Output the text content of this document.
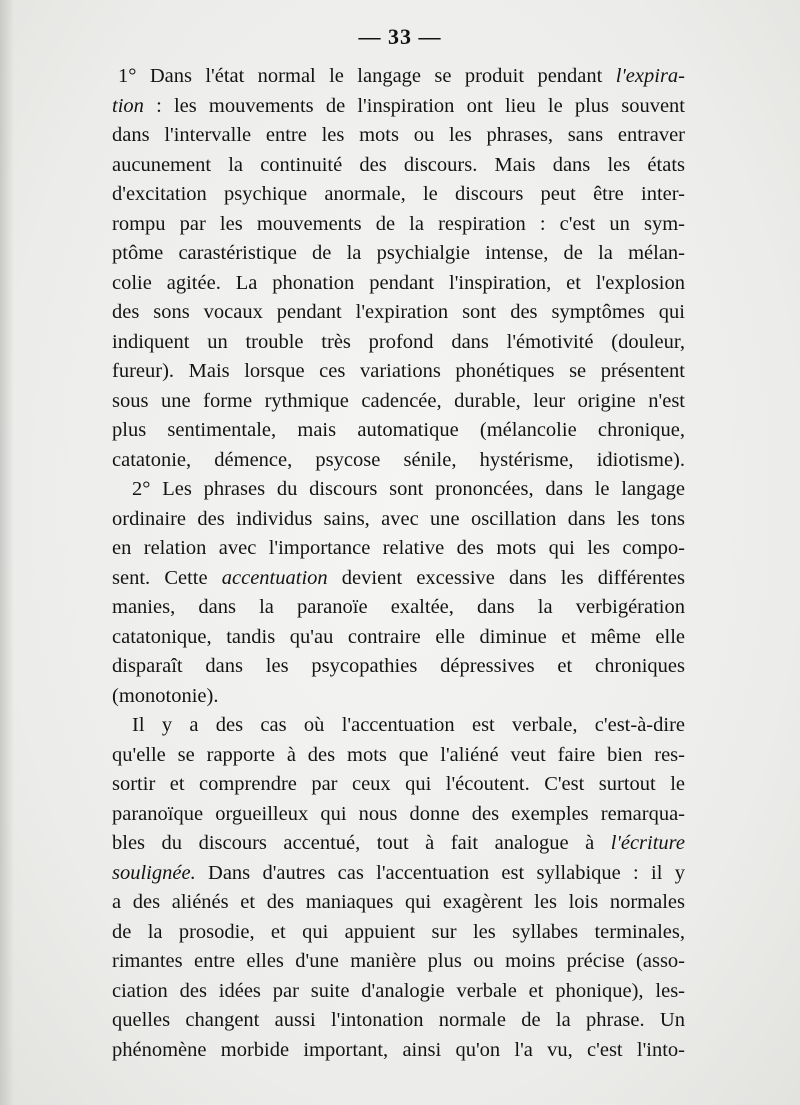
— 33 —

1° Dans l'état normal le langage se produit pendant l'expira-
tion : les mouvements de l'inspiration ont lieu le plus souvent
dans l'intervalle entre les mots ou les phrases, sans entraver
aucunement la continuité des discours. Mais dans les états
d'excitation psychique anormale, le discours peut être inter-
rompu par les mouvements de la respiration : c'est un sym-
ptôme carastéristique de la psychialgie intense, de la mélan-
colie agitée. La phonation pendant l'inspiration, et l'explosion
des sons vocaux pendant l'expiration sont des symptômes qui
indiquent un trouble très profond dans l'émotivité (douleur,
fureur). Mais lorsque ces variations phonétiques se présentent
sous une forme rythmique cadencée, durable, leur origine n'est
plus sentimentale, mais automatique (mélancolie chronique,
catatonie, démence, psycose sénile, hystérisme, idiotisme).
2° Les phrases du discours sont prononcées, dans le langage
ordinaire des individus sains, avec une oscillation dans les tons
en relation avec l'importance relative des mots qui les compo-
sent. Cette accentuation devient excessive dans les différentes
manies, dans la paranoïe exaltée, dans la verbigération
catatonique, tandis qu'au contraire elle diminue et même elle
disparaît dans les psycopathies dépressives et chroniques
(monotonie).
Il y a des cas où l'accentuation est verbale, c'est-à-dire
qu'elle se rapporte à des mots que l'aliéné veut faire bien res-
sortir et comprendre par ceux qui l'écoutent. C'est surtout le
paranoïque orgueilleux qui nous donne des exemples remarqua-
bles du discours accentué, tout à fait analogue à l'écriture
soulignée. Dans d'autres cas l'accentuation est syllabique : il y
a des aliénés et des maniaques qui exagèrent les lois normales
de la prosodie, et qui appuient sur les syllabes terminales,
rimantes entre elles d'une manière plus ou moins précise (asso-
ciation des idées par suite d'analogie verbale et phonique), les-
quelles changent aussi l'intonation normale de la phrase. Un
phénomène morbide important, ainsi qu'on l'a vu, c'est l'into-
